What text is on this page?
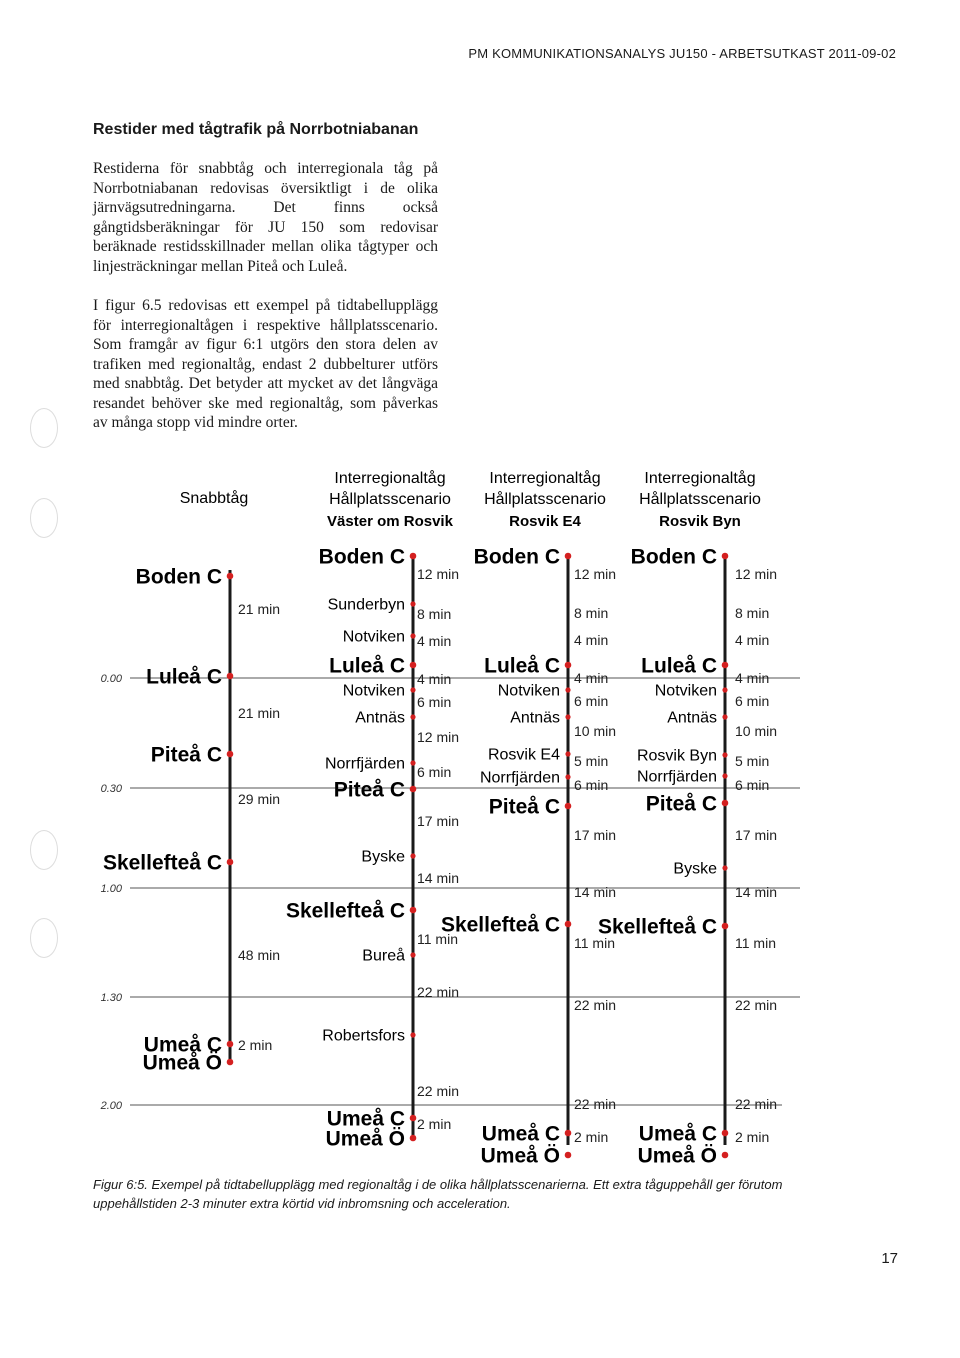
PM KOMMUNIKATIONSANALYS JU150 - ARBETSUTKAST 2011-09-02
Restider med tågtrafik på Norrbotniabanan

Restiderna för snabbtåg och interregionala tåg på Norrbotniabanan redovisas översiktligt i de olika järnvägsutredningarna. Det finns också gångtidsberäkningar för JU 150 som redovisar beräknade restidsskillnader mellan olika tågtyper och linjesträckningar mellan Piteå och Luleå.

I figur 6.5 redovisas ett exempel på tidtabellupplägg för interregionaltågen i respektive hållplatsscenario. Som framgår av figur 6:1 utgörs den stora delen av trafiken med regionaltåg, endast 2 dubbelturer utförs med snabbtåg. Det betyder att mycket av det långväga resandet behöver ske med regionaltåg, som påverkas av många stopp vid mindre orter.

0.00
0.30
1.00
1.30
2.00
Snabbtåg
Boden C
Luleå C
Piteå C
Skellefteå C
Umeå C
Umeå Ö
21 min
21 min
29 min
48 min
2 min
Interregionaltåg
Hållplatsscenario
Väster om Rosvik
Boden C
Sunderbyn
Notviken
Luleå C
Notviken
Antnäs
Norrfjärden
Piteå C
Byske
Skellefteå C
Bureå
Robertsfors
Umeå C
Umeå Ö
12 min
8 min
4 min
4 min
6 min
12 min
6 min
17 min
14 min
11 min
22 min
22 min
2 min
Interregionaltåg
Hållplatsscenario
Rosvik E4
Boden C
Luleå C
Notviken
Antnäs
Rosvik E4
Norrfjärden
Piteå C
Skellefteå C
Umeå C
Umeå Ö
12 min
8 min
4 min
4 min
6 min
10 min
5 min
6 min
17 min
14 min
11 min
22 min
22 min
2 min
Interregionaltåg
Hållplatsscenario
Rosvik Byn
Boden C
Luleå C
Notviken
Antnäs
Rosvik Byn
Norrfjärden
Piteå C
Byske
Skellefteå C
Umeå C
Umeå Ö
12 min
8 min
4 min
4 min
6 min
10 min
5 min
6 min
17 min
14 min
11 min
22 min
22 min
2 min
Figur 6:5. Exempel på tidtabellupplägg med regionaltåg i de olika hållplatsscenarierna. Ett extra tåguppehåll ger förutom uppehållstiden 2-3 minuter extra körtid vid inbromsning och acceleration.
17
